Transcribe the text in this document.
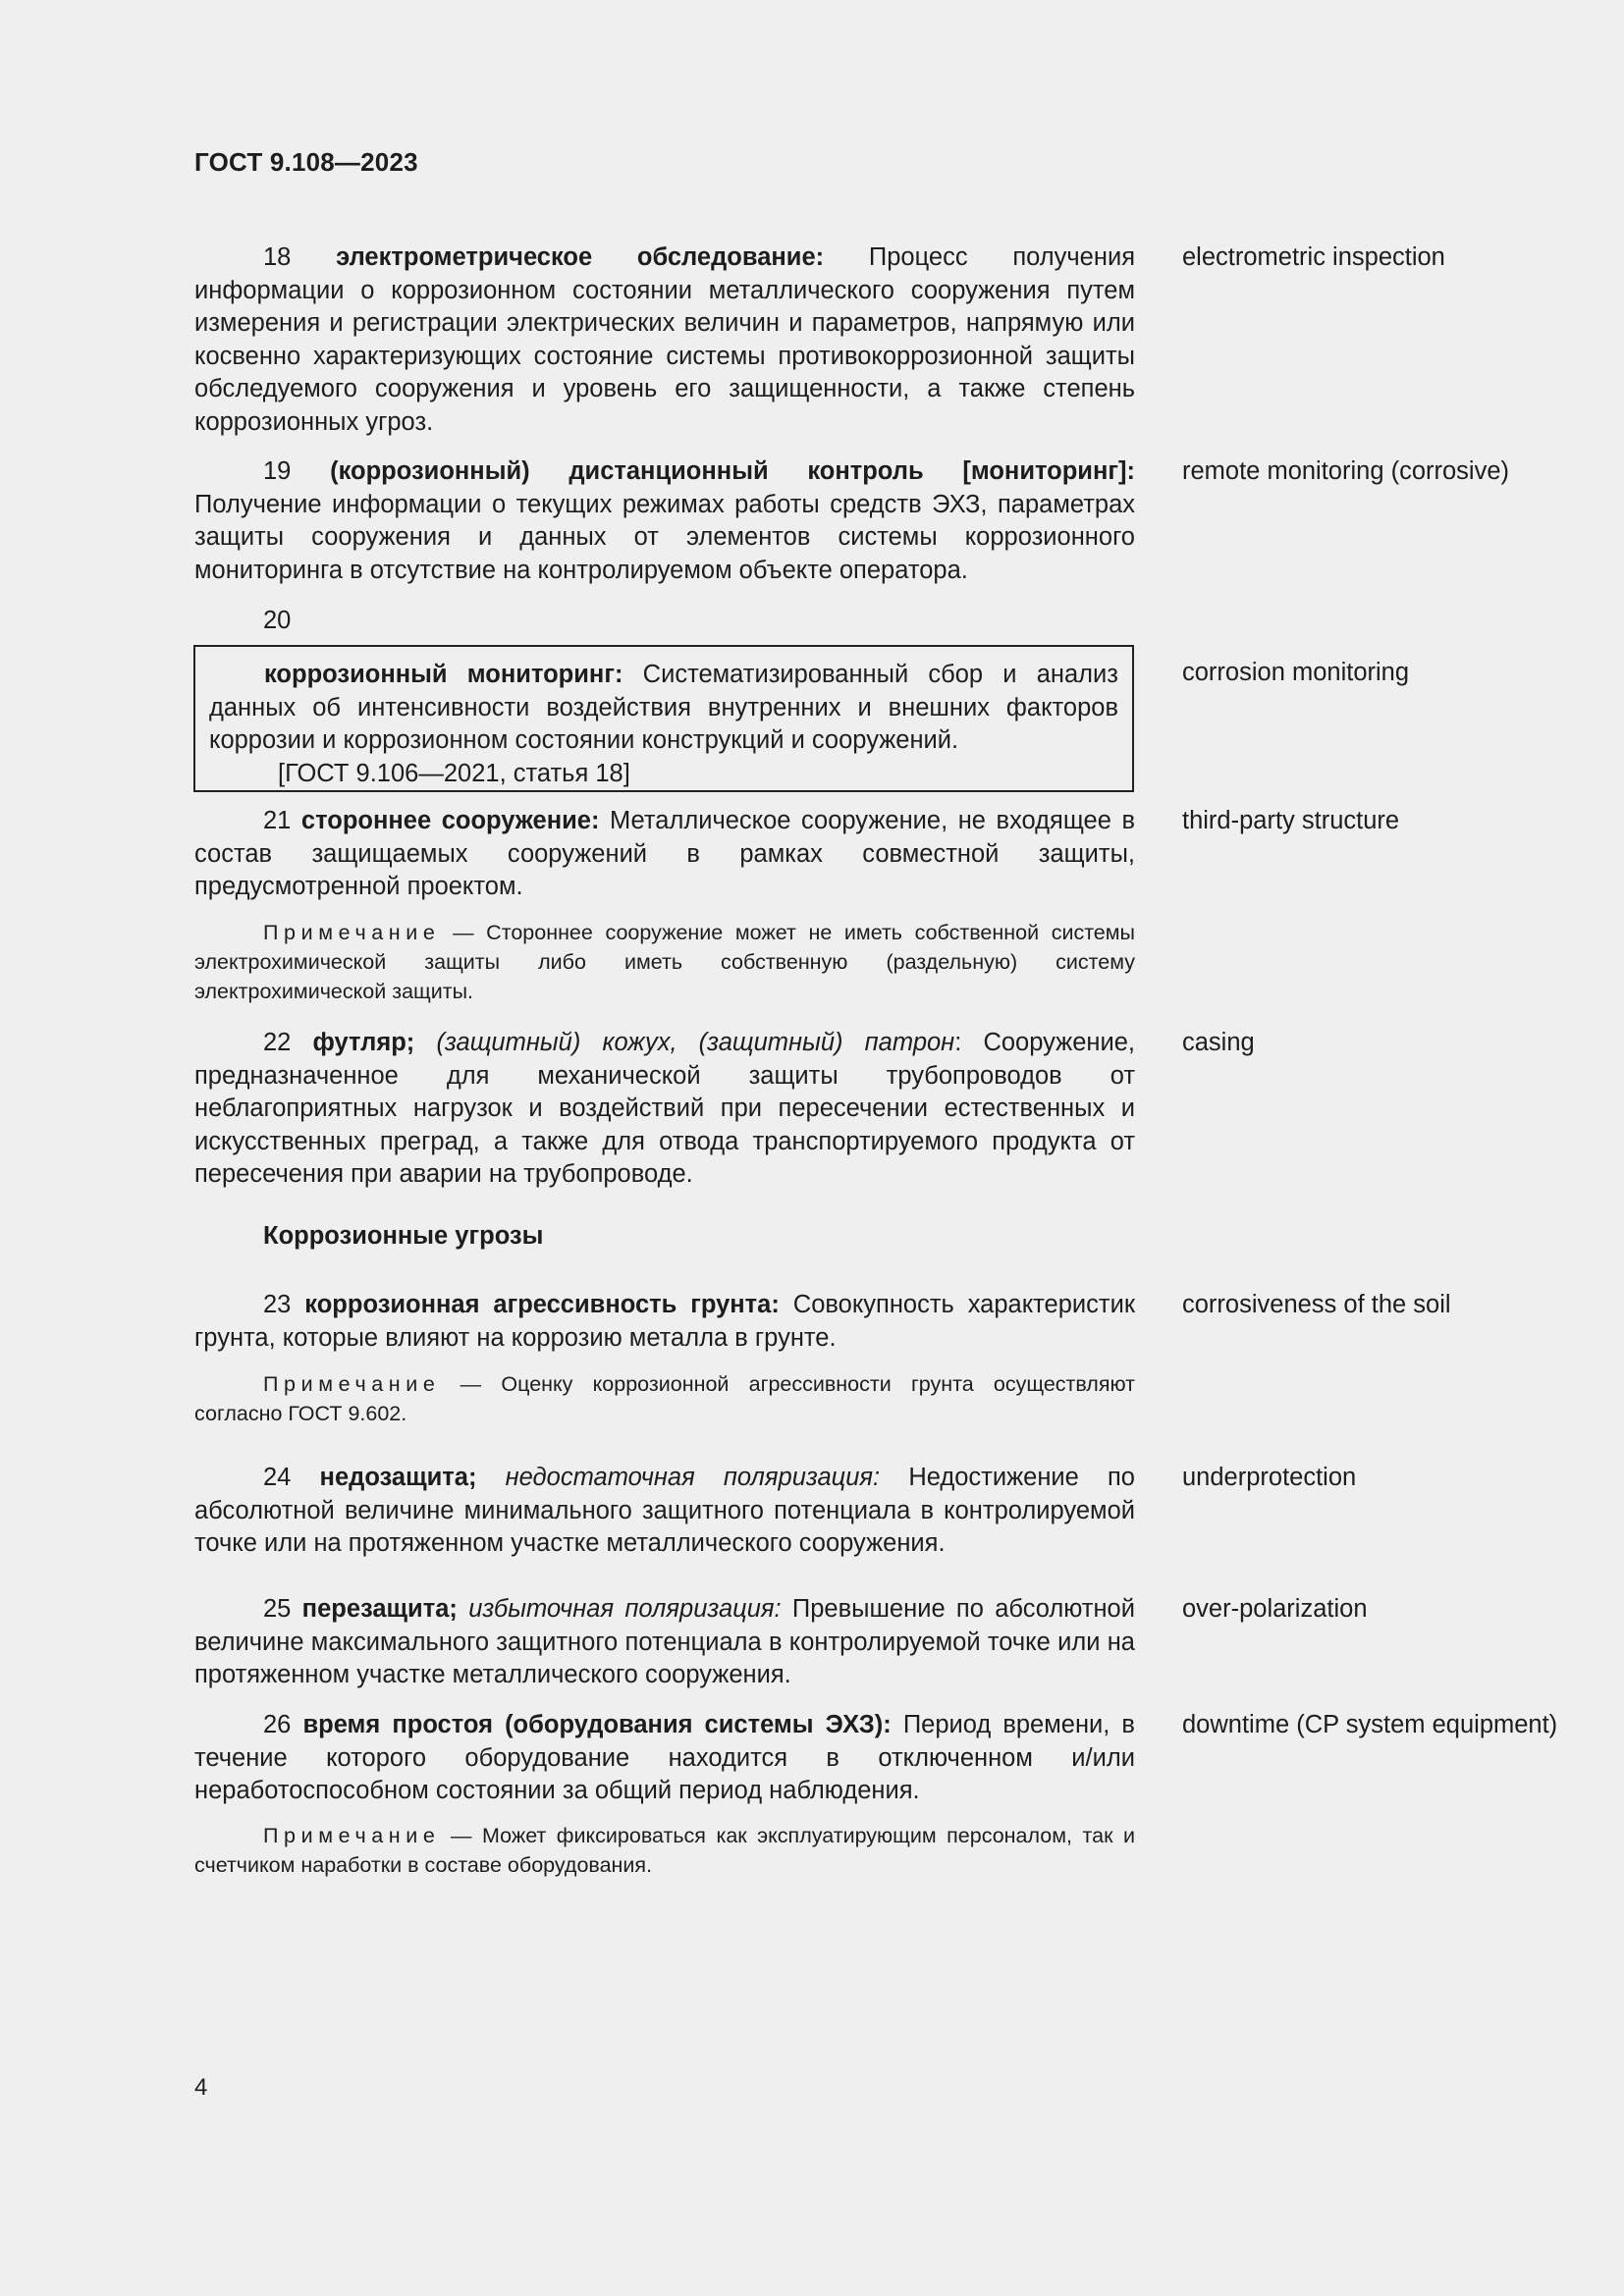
ГОСТ 9.108—2023
18 электрометрическое обследование: Процесс получения информации о коррозионном состоянии металлического сооружения путем измерения и регистрации электрических величин и параметров, напрямую или косвенно характеризующих состояние системы противокоррозионной защиты обследуемого сооружения и уровень его защищенности, а также степень коррозионных угроз.
electrometric inspection
19 (коррозионный) дистанционный контроль [мониторинг]: Получение информации о текущих режимах работы средств ЭХЗ, параметрах защиты сооружения и данных от элементов системы коррозионного мониторинга в отсутствие на контролируемом объекте оператора.
remote monitoring (corrosive)
20
коррозионный мониторинг: Систематизированный сбор и анализ данных об интенсивности воздействия внутренних и внешних факторов коррозии и коррозионном состоянии конструкций и сооружений.
[ГОСТ 9.106—2021, статья 18]
corrosion monitoring
21 стороннее сооружение: Металлическое сооружение, не входящее в состав защищаемых сооружений в рамках совместной защиты, предусмотренной проектом.
Примечание — Стороннее сооружение может не иметь собственной системы электрохимической защиты либо иметь собственную (раздельную) систему электрохимической защиты.
third-party structure
22 футляр; (защитный) кожух, (защитный) патрон: Сооружение, предназначенное для механической защиты трубопроводов от неблагоприятных нагрузок и воздействий при пересечении естественных и искусственных преград, а также для отвода транспортируемого продукта от пересечения при аварии на трубопроводе.
casing
Коррозионные угрозы
23 коррозионная агрессивность грунта: Совокупность характеристик грунта, которые влияют на коррозию металла в грунте.
Примечание — Оценку коррозионной агрессивности грунта осуществляют согласно ГОСТ 9.602.
corrosiveness of the soil
24 недозащита; недостаточная поляризация: Недостижение по абсолютной величине минимального защитного потенциала в контролируемой точке или на протяженном участке металлического сооружения.
underprotection
25 перезащита; избыточная поляризация: Превышение по абсолютной величине максимального защитного потенциала в контролируемой точке или на протяженном участке металлического сооружения.
over-polarization
26 время простоя (оборудования системы ЭХЗ): Период времени, в течение которого оборудование находится в отключенном и/или неработоспособном состоянии за общий период наблюдения.
Примечание — Может фиксироваться как эксплуатирующим персоналом, так и счетчиком наработки в составе оборудования.
downtime (CP system equipment)
4
